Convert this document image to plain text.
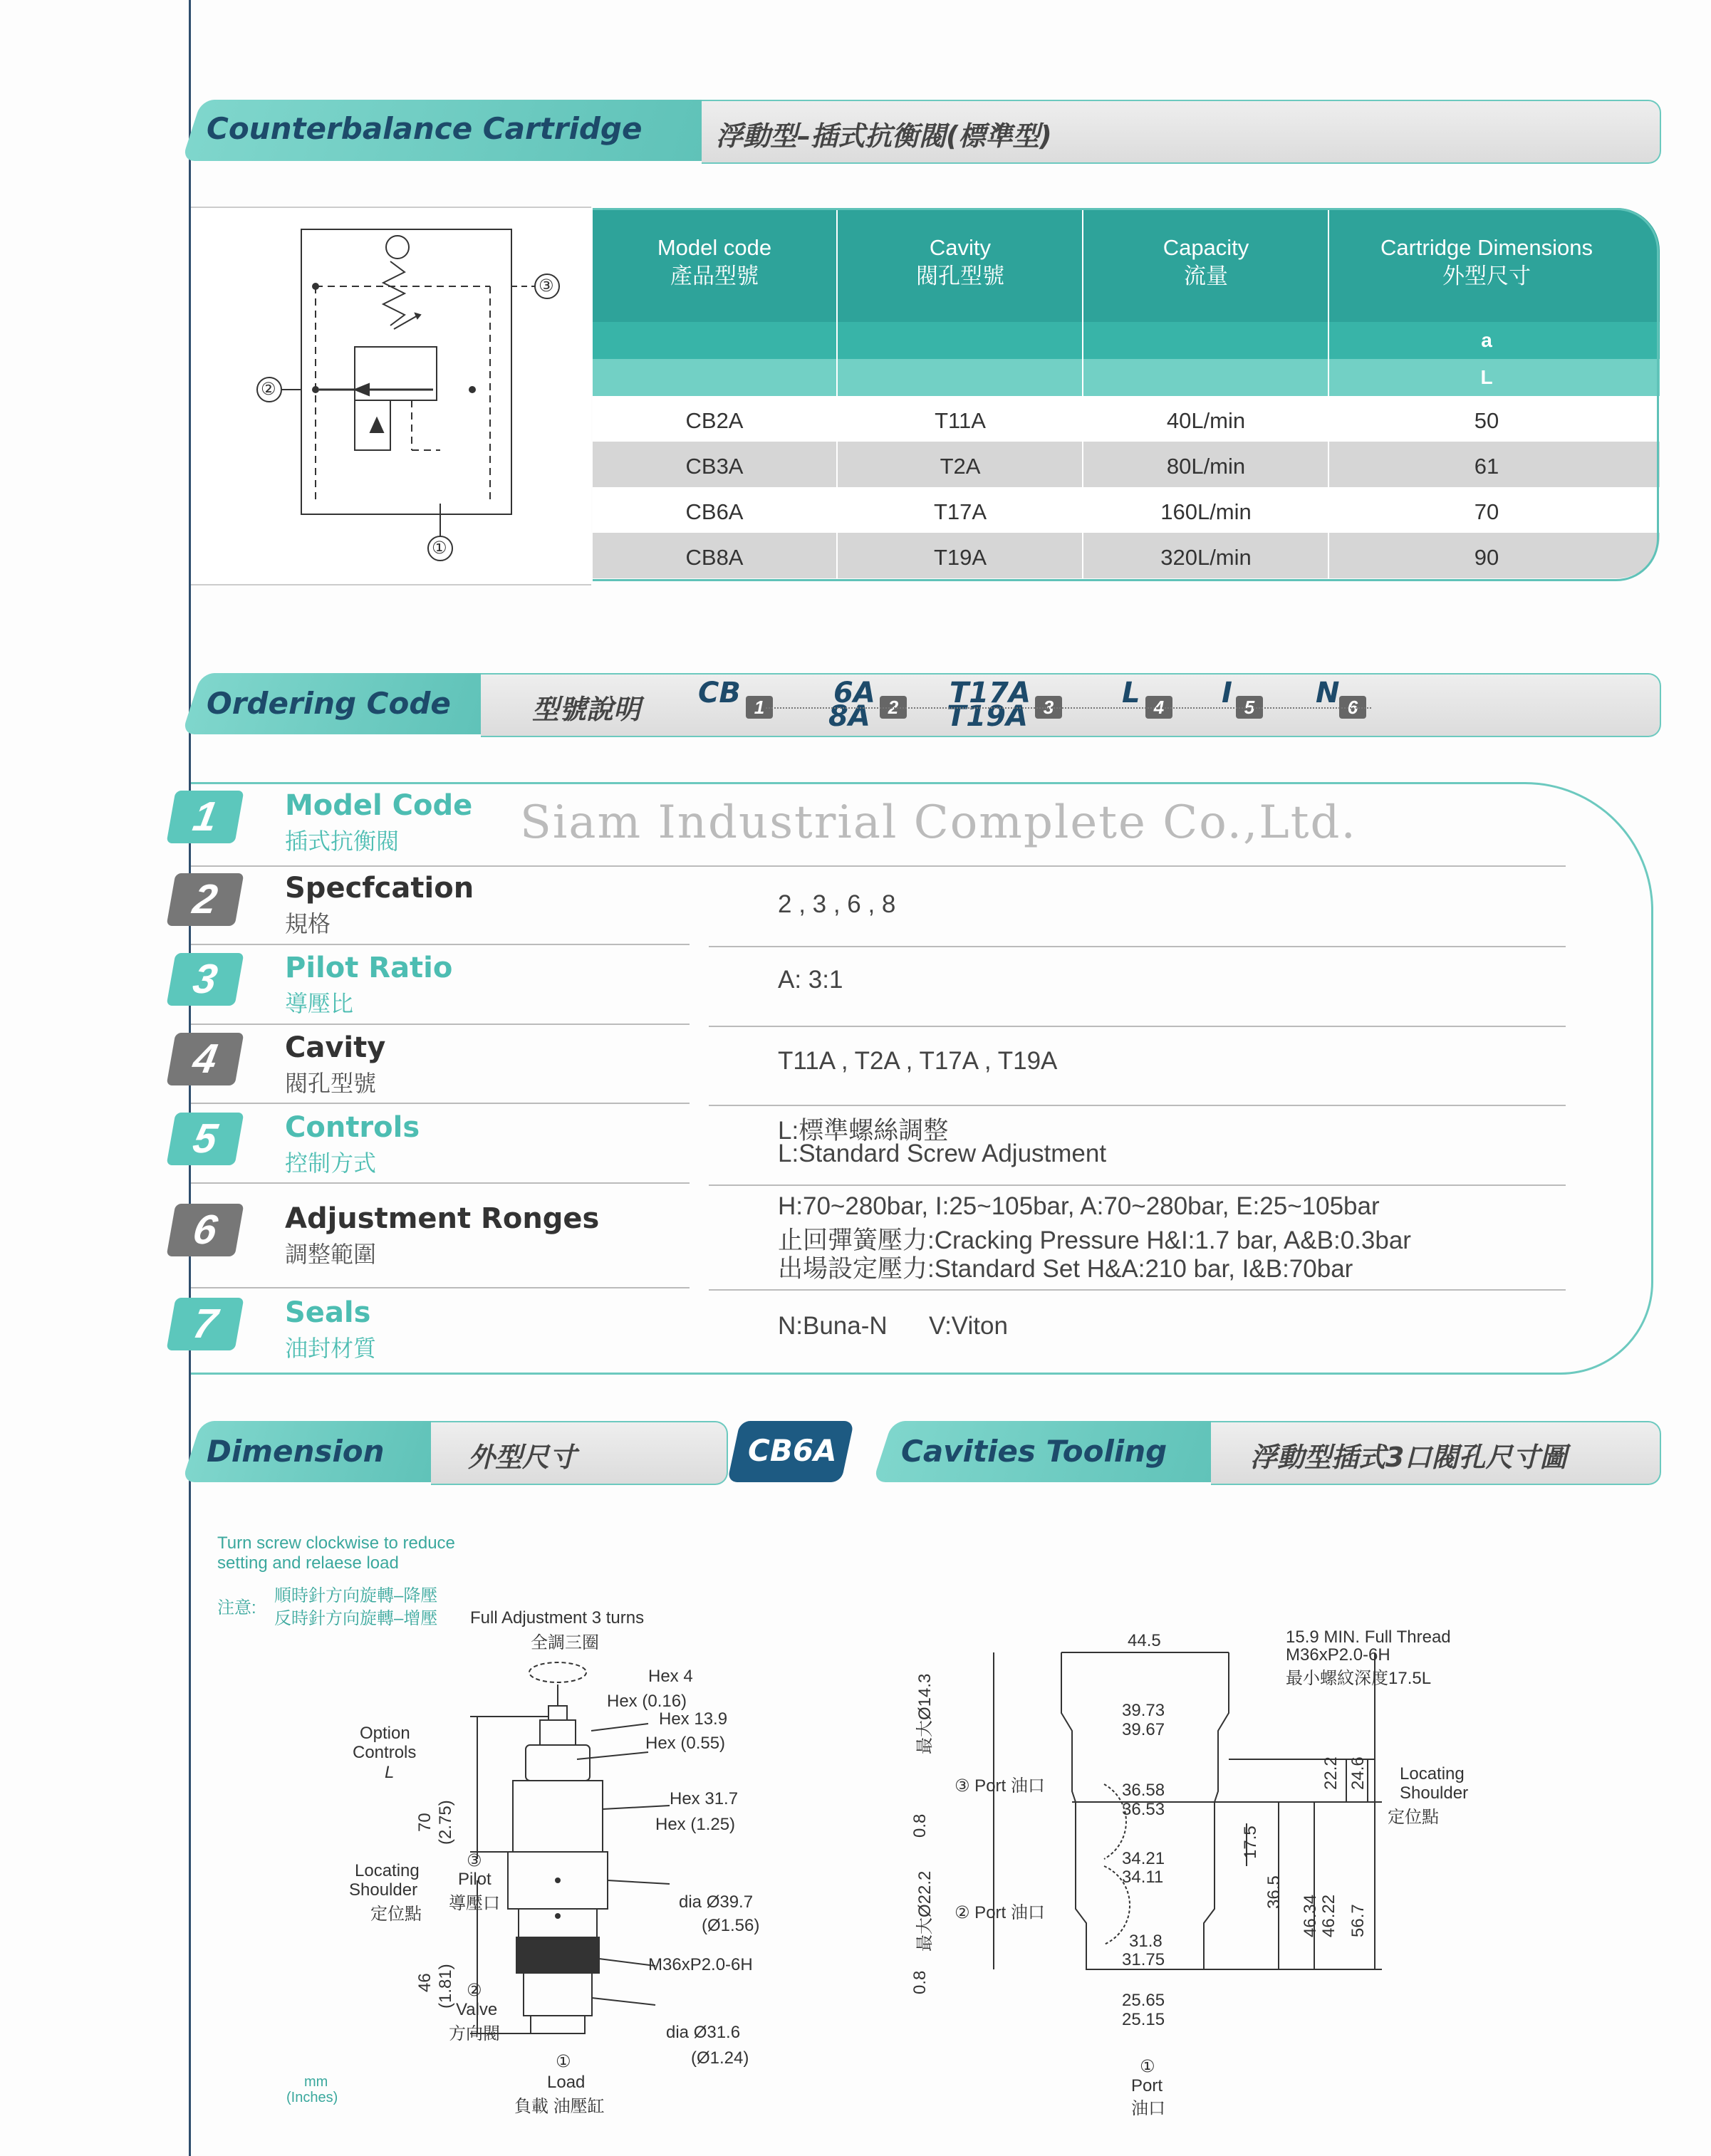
Counterbalance Cartridge	浮動型–插式抗衡閥(標準型)
②
①
③
Model code
產品型號
Cavity
閥孔型號
Capacity
流量
Cartridge Dimensions
外型尺寸
a
L
CB2A	T11A	40L/min	50
CB3A	T2A	80L/min	61
CB6A	T17A	160L/min	70
CB8A	T19A	320L/min	90
Ordering Code	型號說明 CB 1 6A
8A 2 T17A
T19A 3 L 4 I 5 N 6
Siam Industrial Complete Co.,Ltd.
1	Model Code
插式抗衡閥
2	Specfcation
規格
2 , 3 , 6 , 8
3	Pilot Ratio
導壓比
A: 3:1
4	Cavity
閥孔型號
T11A , T2A , T17A , T19A
5	Controls
控制方式
L:標準螺絲調整
L:Standard Screw Adjustment
6	Adjustment Ronges
調整範圍
H:70~280bar, I:25~105bar, A:70~280bar, E:25~105bar
止回彈簧壓力:Cracking Pressure H&I:1.7 bar, A&B:0.3bar
出場設定壓力:Standard Set H&A:210 bar, I&B:70bar
7	Seals
油封材質
N:Buna-N      V:Viton
Dimension	外型尺寸	CB6A Cavities Tooling	浮動型插式3口閥孔尺寸圖
Turn screw clockwise to reduce
setting and relaese load
注意:
順時針方向旋轉–降壓
反時針方向旋轉–增壓 Full Adjustment 3 turns
全調三圈
Hex 4
Hex (0.16)
Hex 13.9
Hex (0.55)
Hex 31.7
Hex (1.25)
dia Ø39.7
(Ø1.56)
M36xP2.0-6H
dia Ø31.6
(Ø1.24)
Option
Controls
L
70 (2.75)
46 (1.81)
Locating
Shoulder
定位點
③
Pilot
導壓口
②
Valve
方向閥
①
Load
負載 油壓缸
mm
(Inches)
44.5	15.9 MIN. Full Thread
M36xP2.0-6H
最小螺紋深度17.5L
39.73
39.67
36.58
36.53
34.21
34.11
31.8
31.75
25.65
25.15
最大Ø14.3
最大Ø22.2
0.8
0.8
③ Port 油口
② Port 油口
①
Port
油口
22.2 24.6
17.5
36.5
46.34 46.22 56.7
Locating
Shoulder
定位點
